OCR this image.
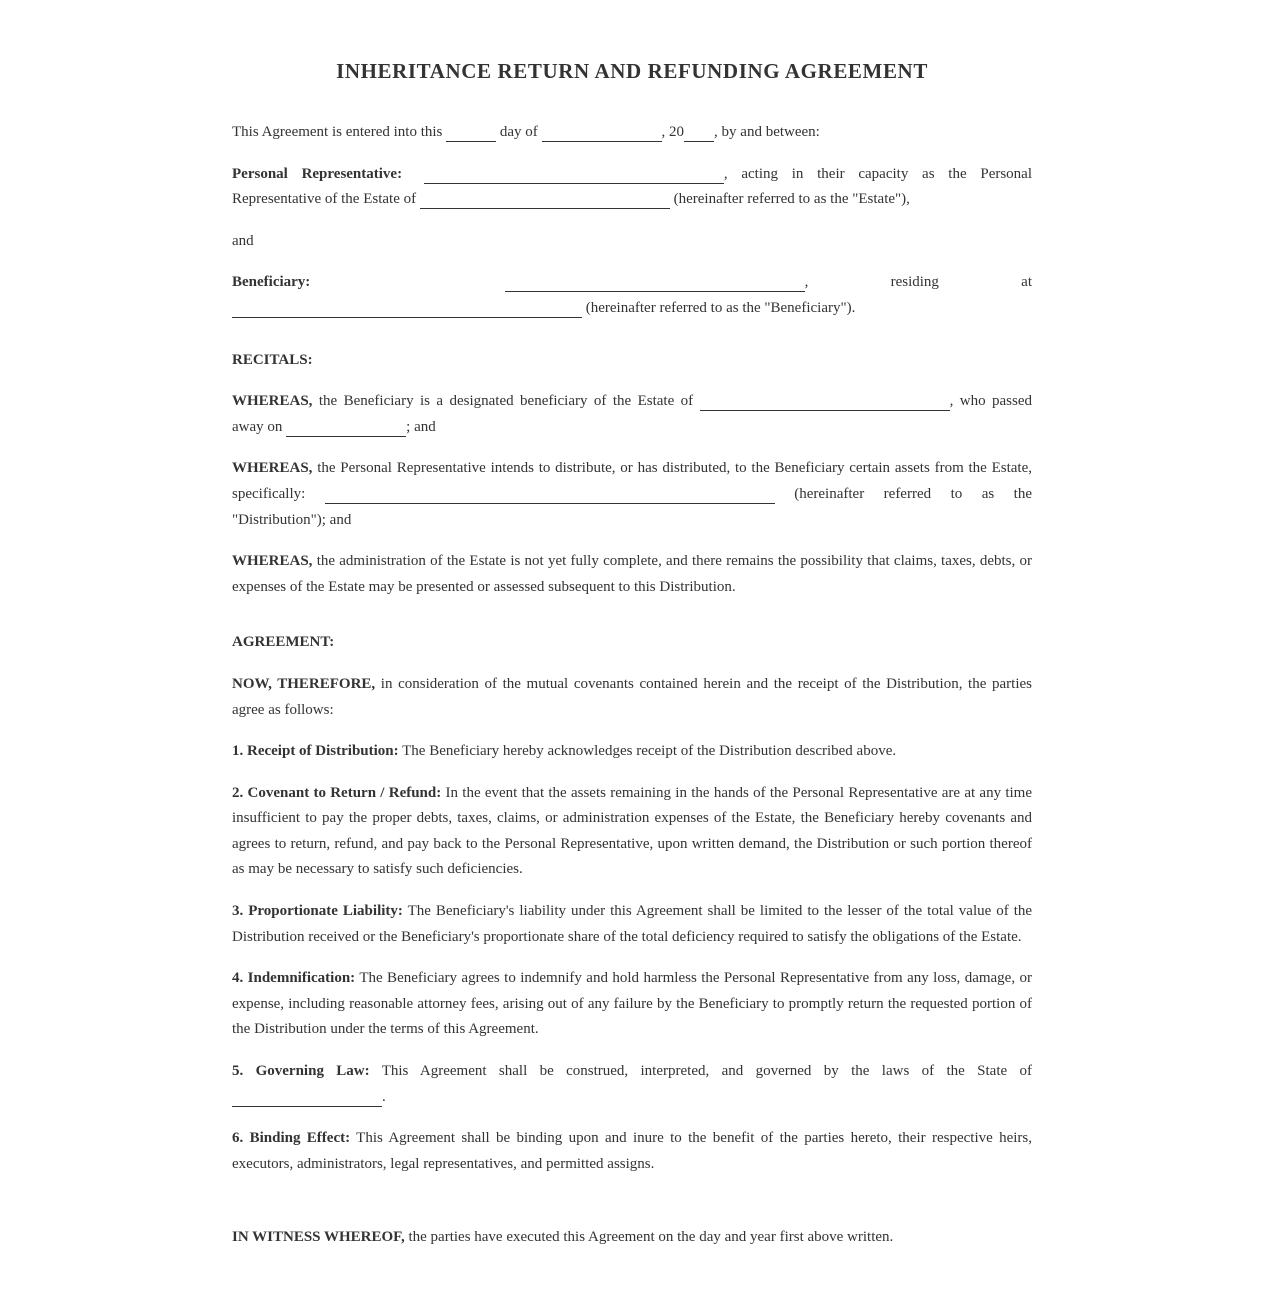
INHERITANCE RETURN AND REFUNDING AGREEMENT

This Agreement is entered into this	day of	, 20 , by and between:

Personal Representative:	, acting in their capacity as the Personal Representative of the Estate of	(hereinafter referred to as the "Estate"),

and

Beneficiary:	, residing at  (hereinafter referred to as the "Beneficiary").

RECITALS:

WHEREAS, the Beneficiary is a designated beneficiary of the Estate of	, who passed away on	; and

WHEREAS, the Personal Representative intends to distribute, or has distributed, to the Beneficiary certain assets from the Estate, specifically:	(hereinafter referred to as the "Distribution"); and

WHEREAS, the administration of the Estate is not yet fully complete, and there remains the possibility that claims, taxes, debts, or expenses of the Estate may be presented or assessed subsequent to this Distribution.

AGREEMENT:

NOW, THEREFORE, in consideration of the mutual covenants contained herein and the receipt of the Distribution, the parties agree as follows:

1. Receipt of Distribution: The Beneficiary hereby acknowledges receipt of the Distribution described above.

2. Covenant to Return / Refund: In the event that the assets remaining in the hands of the Personal Representative are at any time insufficient to pay the proper debts, taxes, claims, or administration expenses of the Estate, the Beneficiary hereby covenants and agrees to return, refund, and pay back to the Personal Representative, upon written demand, the Distribution or such portion thereof as may be necessary to satisfy such deficiencies.

3. Proportionate Liability: The Beneficiary's liability under this Agreement shall be limited to the lesser of the total value of the Distribution received or the Beneficiary's proportionate share of the total deficiency required to satisfy the obligations of the Estate.

4. Indemnification: The Beneficiary agrees to indemnify and hold harmless the Personal Representative from any loss, damage, or expense, including reasonable attorney fees, arising out of any failure by the Beneficiary to promptly return the requested portion of the Distribution under the terms of this Agreement.

5. Governing Law: This Agreement shall be construed, interpreted, and governed by the laws of the State of .

6. Binding Effect: This Agreement shall be binding upon and inure to the benefit of the parties hereto, their respective heirs, executors, administrators, legal representatives, and permitted assigns.

IN WITNESS WHEREOF, the parties have executed this Agreement on the day and year first above written.
